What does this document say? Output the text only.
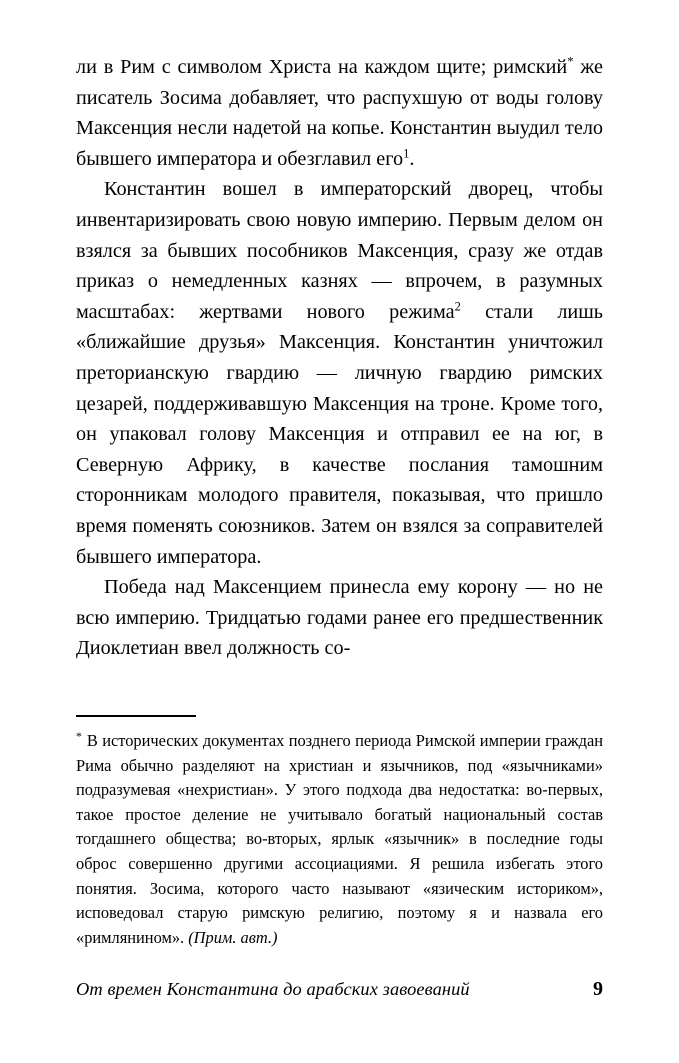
ли в Рим с символом Христа на каждом щите; римский* же писатель Зосима добавляет, что распухшую от воды голову Максенция несли надетой на копье. Константин выудил тело бывшего императора и обезглавил его$^1$.

Константин вошел в императорский дворец, чтобы инвентаризировать свою новую империю. Первым делом он взялся за бывших пособников Максенция, сразу же отдав приказ о немедленных казнях — впрочем, в разумных масштабах: жертвами нового режима$^2$ стали лишь «ближайшие друзья» Максенция. Константин уничтожил преторианскую гвардию — личную гвардию римских цезарей, поддерживавшую Максенция на троне. Кроме того, он упаковал голову Максенция и отправил ее на юг, в Северную Африку, в качестве послания тамошним сторонникам молодого правителя, показывая, что пришло время поменять союзников. Затем он взялся за соправителей бывшего императора.

Победа над Максенцием принесла ему корону — но не всю империю. Тридцатью годами ранее его предшественник Диоклетиан ввел должность со-

* В исторических документах позднего периода Римской империи граждан Рима обычно разделяют на христиан и язычников, под «язычниками» подразумевая «нехристиан». У этого подхода два недостатка: во-первых, такое простое деление не учитывало богатый национальный состав тогдашнего общества; во-вторых, ярлык «язычник» в последние годы оброс совершенно другими ассоциациями. Я решила избегать этого понятия. Зосима, которого часто называют «язическим историком», исповедовал старую римскую религию, поэтому я и назвала его «римлянином». (Прим. авт.)

От времен Константина до арабских завоеваний	9
